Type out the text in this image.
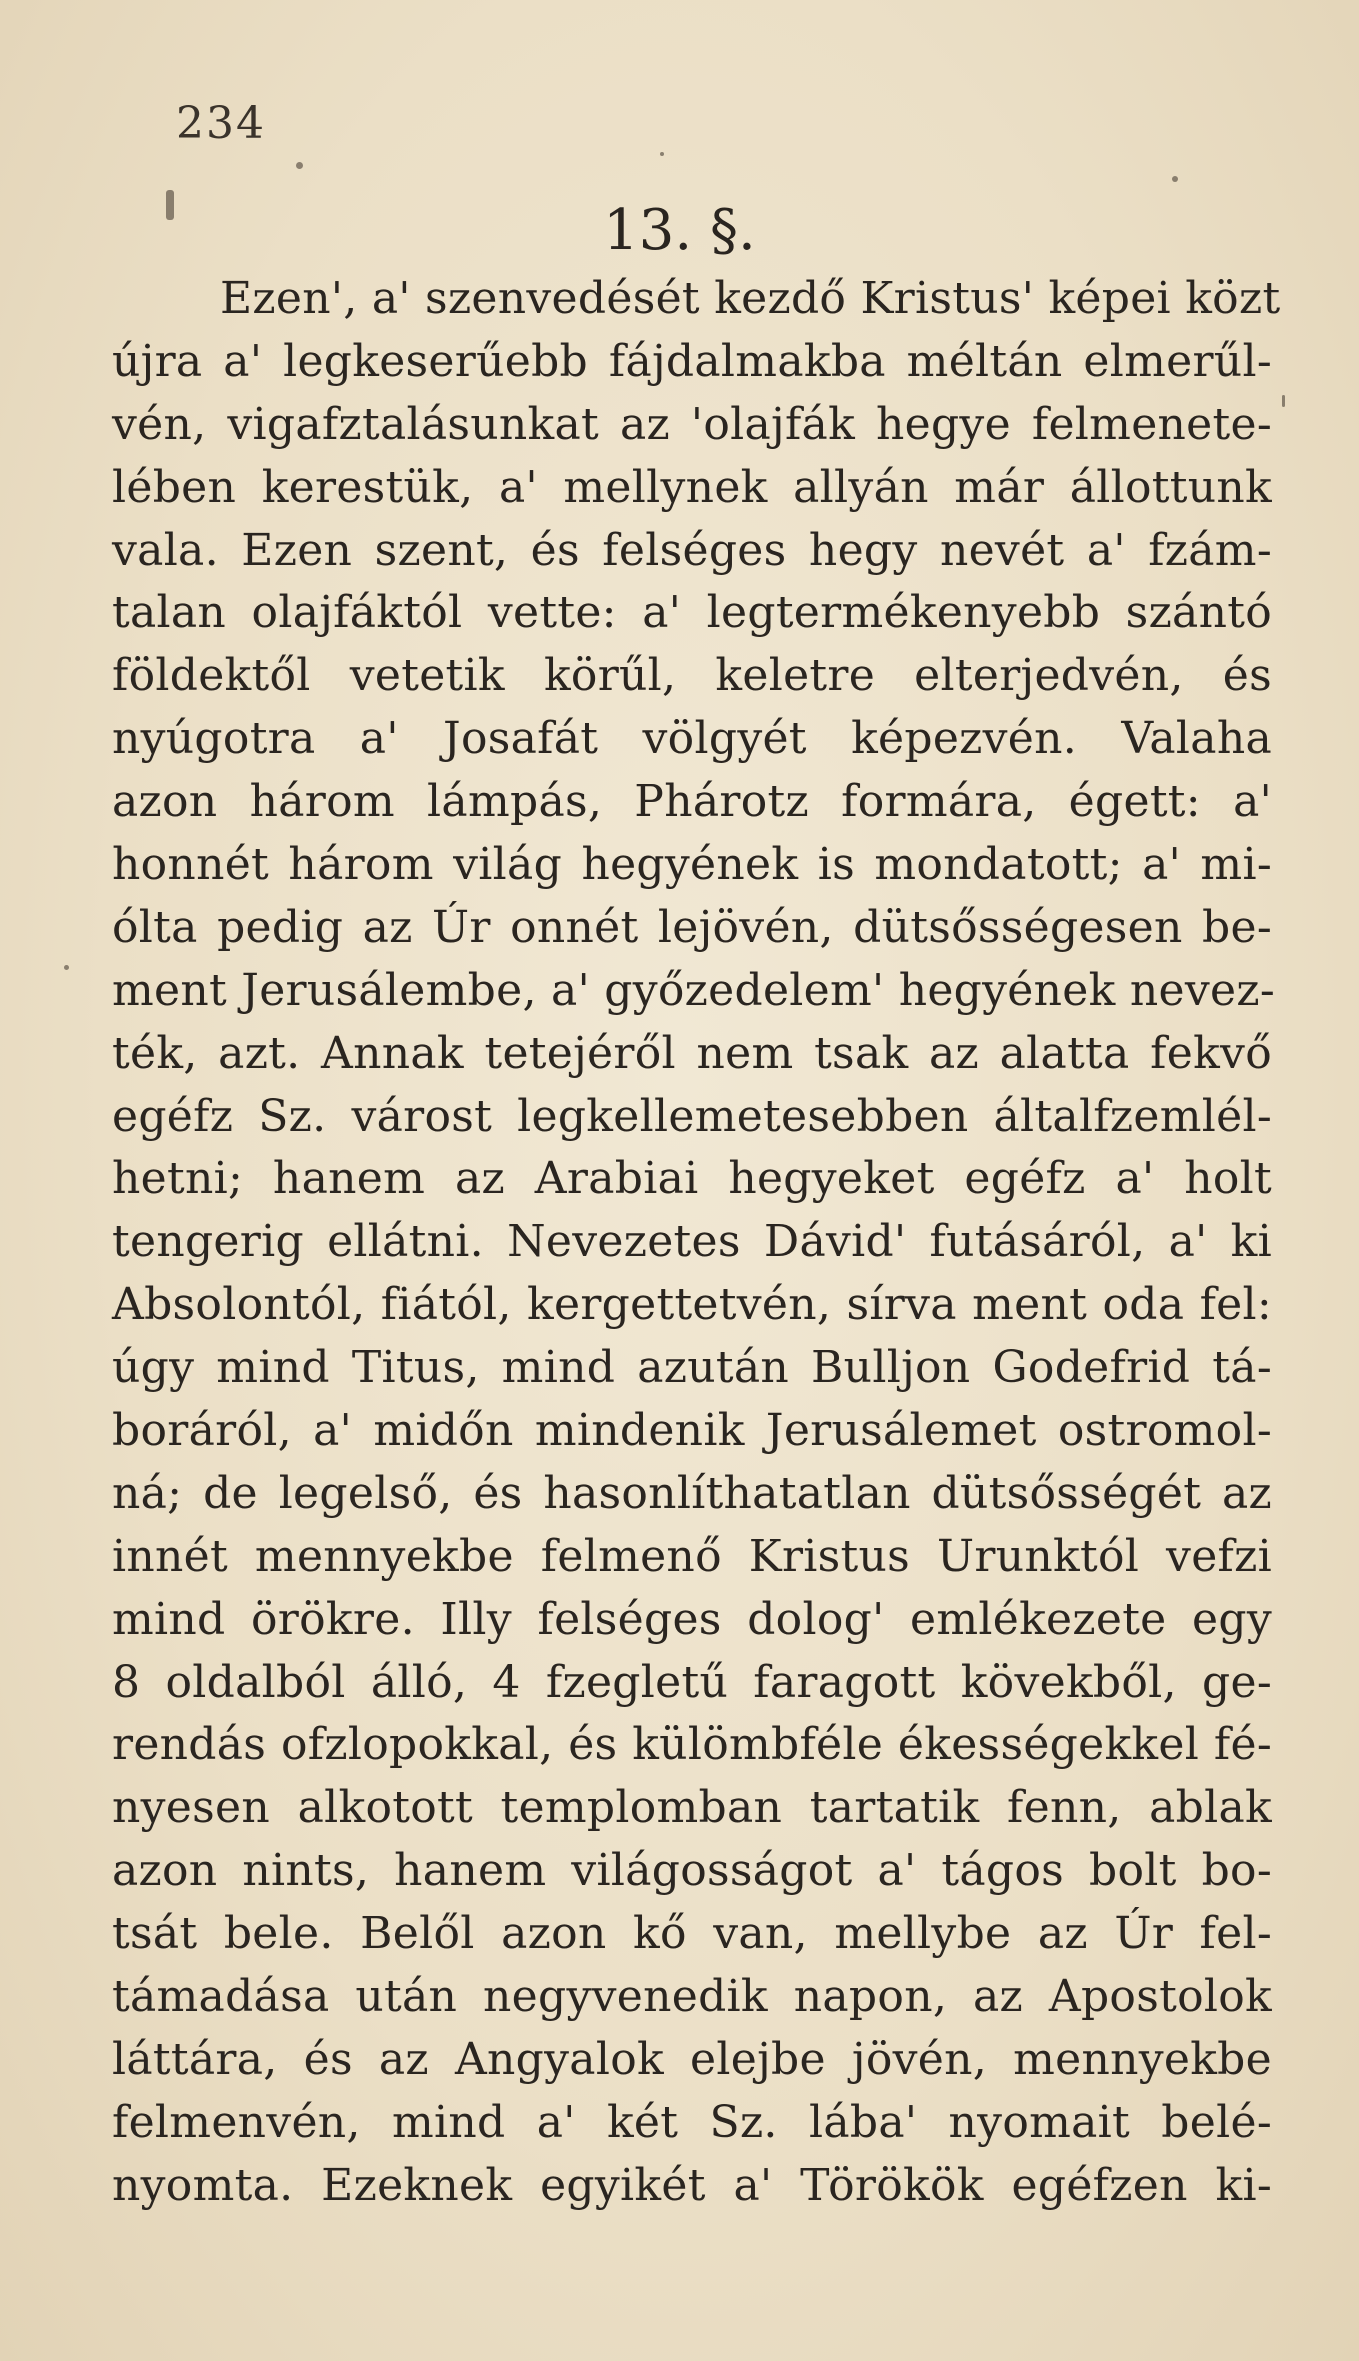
234
13. §.
Ezen', a' szenvedését kezdő Kristus' képei közt
újra a' legkeserűebb fájdalmakba méltán elmerűl-
vén, vigafztalásunkat az 'olajfák hegye felmenete-
lében kerestük, a' mellynek allyán már állottunk
vala. Ezen szent, és felséges hegy nevét a' fzám-
talan olajfáktól vette: a' legtermékenyebb szántó
földektől vetetik körűl, keletre elterjedvén, és
nyúgotra a' Josafát völgyét képezvén. Valaha
azon három lámpás, Phárotz formára, égett: a'
honnét három világ hegyének is mondatott; a' mi-
ólta pedig az Úr onnét lejövén, dütsősségesen be-
ment Jerusálembe, a' győzedelem' hegyének nevez-
ték, azt. Annak tetejéről nem tsak az alatta fekvő
egéfz Sz. várost legkellemetesebben általfzemlél-
hetni; hanem az Arabiai hegyeket egéfz a' holt
tengerig ellátni. Nevezetes Dávid' futásáról, a' ki
Absolontól, fiától, kergettetvén, sírva ment oda fel:
úgy mind Titus, mind azután Bulljon Godefrid tá-
boráról, a' midőn mindenik Jerusálemet ostromol-
ná; de legelső, és hasonlíthatatlan dütsősségét az
innét mennyekbe felmenő Kristus Urunktól vefzi
mind örökre. Illy felséges dolog' emlékezete egy
8 oldalból álló, 4 fzegletű faragott kövekből, ge-
rendás ofzlopokkal, és külömbféle ékességekkel fé-
nyesen alkotott templomban tartatik fenn, ablak
azon nints, hanem világosságot a' tágos bolt bo-
tsát bele. Belől azon kő van, mellybe az Úr fel-
támadása után negyvenedik napon, az Apostolok
láttára, és az Angyalok elejbe jövén, mennyekbe
felmenvén, mind a' két Sz. lába' nyomait belé-
nyomta. Ezeknek egyikét a' Törökök egéfzen ki-
